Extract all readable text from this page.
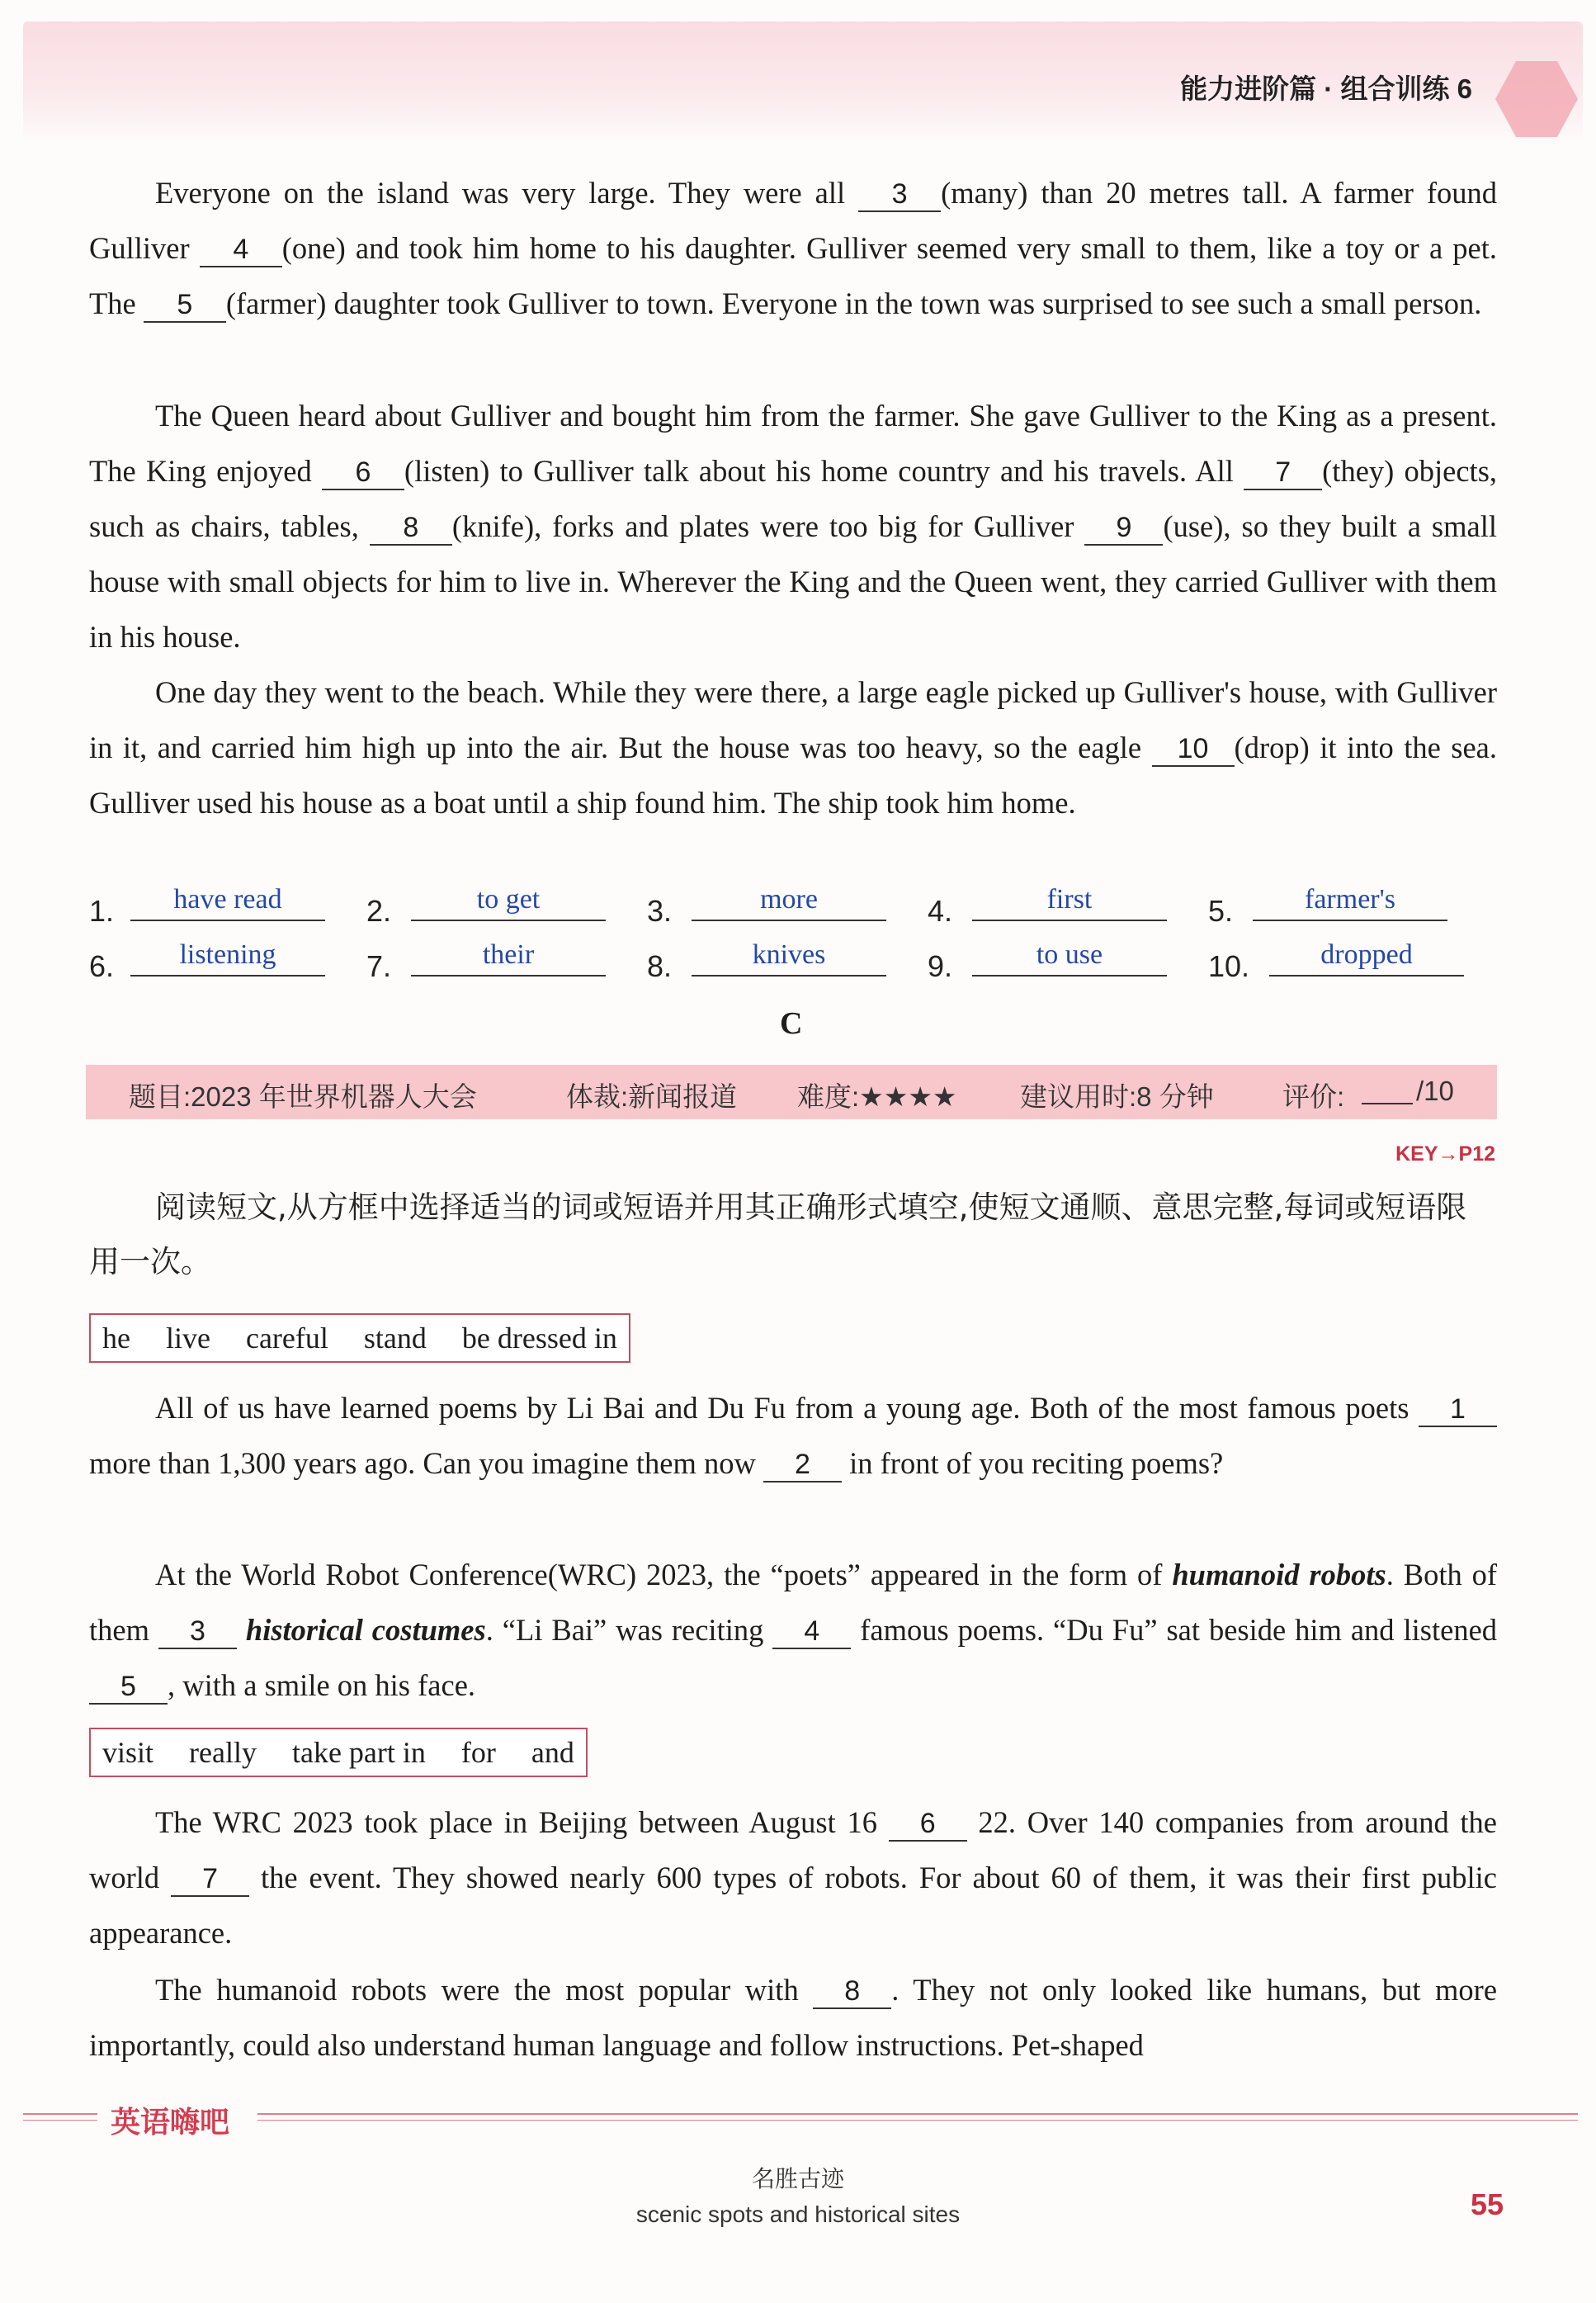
能力进阶篇 · 组合训练 6

Everyone on the island was very large. They were all 3 (many) than 20 metres tall. A farmer found Gulliver 4 (one) and took him home to his daughter. Gulliver seemed very small to them, like a toy or a pet. The 5 (farmer) daughter took Gulliver to town. Everyone in the town was surprised to see such a small person.

The Queen heard about Gulliver and bought him from the farmer. She gave Gulliver to the King as a present. The King enjoyed 6 (listen) to Gulliver talk about his home country and his travels. All 7 (they) objects, such as chairs, tables, 8 (knife), forks and plates were too big for Gulliver 9 (use), so they built a small house with small objects for him to live in. Wherever the King and the Queen went, they carried Gulliver with them in his house.

One day they went to the beach. While they were there, a large eagle picked up Gulliver's house, with Gulliver in it, and carried him high up into the air. But the house was too heavy, so the eagle 10 (drop) it into the sea. Gulliver used his house as a boat until a ship found him. The ship took him home.

1.	have read	2.	to get	3.	more	4.	first	5.	farmer's
6.	listening	7.	their	8.	knives	9.	to use	10.	dropped
C
题目:2023 年世界机器人大会	体裁:新闻报道 难度:★★★★ 建议用时:8 分钟	评价:	/10
KEY→P12

阅读短文,从方框中选择适当的词或短语并用其正确形式填空,使短文通顺、意思完整,每词或短语限用一次。

he live careful stand be dressed in

All of us have learned poems by Li Bai and Du Fu from a young age. Both of the most famous poets 1 more than 1,300 years ago. Can you imagine them now 2 in front of you reciting poems?

At the World Robot Conference(WRC) 2023, the “poets” appeared in the form of humanoid robots. Both of them 3 historical costumes. “Li Bai” was reciting 4 famous poems. “Du Fu” sat beside him and listened 5 , with a smile on his face.

visit really take part in for and

The WRC 2023 took place in Beijing between August 16 6 22. Over 140 companies from around the world 7 the event. They showed nearly 600 types of robots. For about 60 of them, it was their first public appearance.

The humanoid robots were the most popular with 8 . They not only looked like humans, but more importantly, could also understand human language and follow instructions. Pet-shaped

英语嗨吧
名胜古迹
scenic spots and historical sites	55
